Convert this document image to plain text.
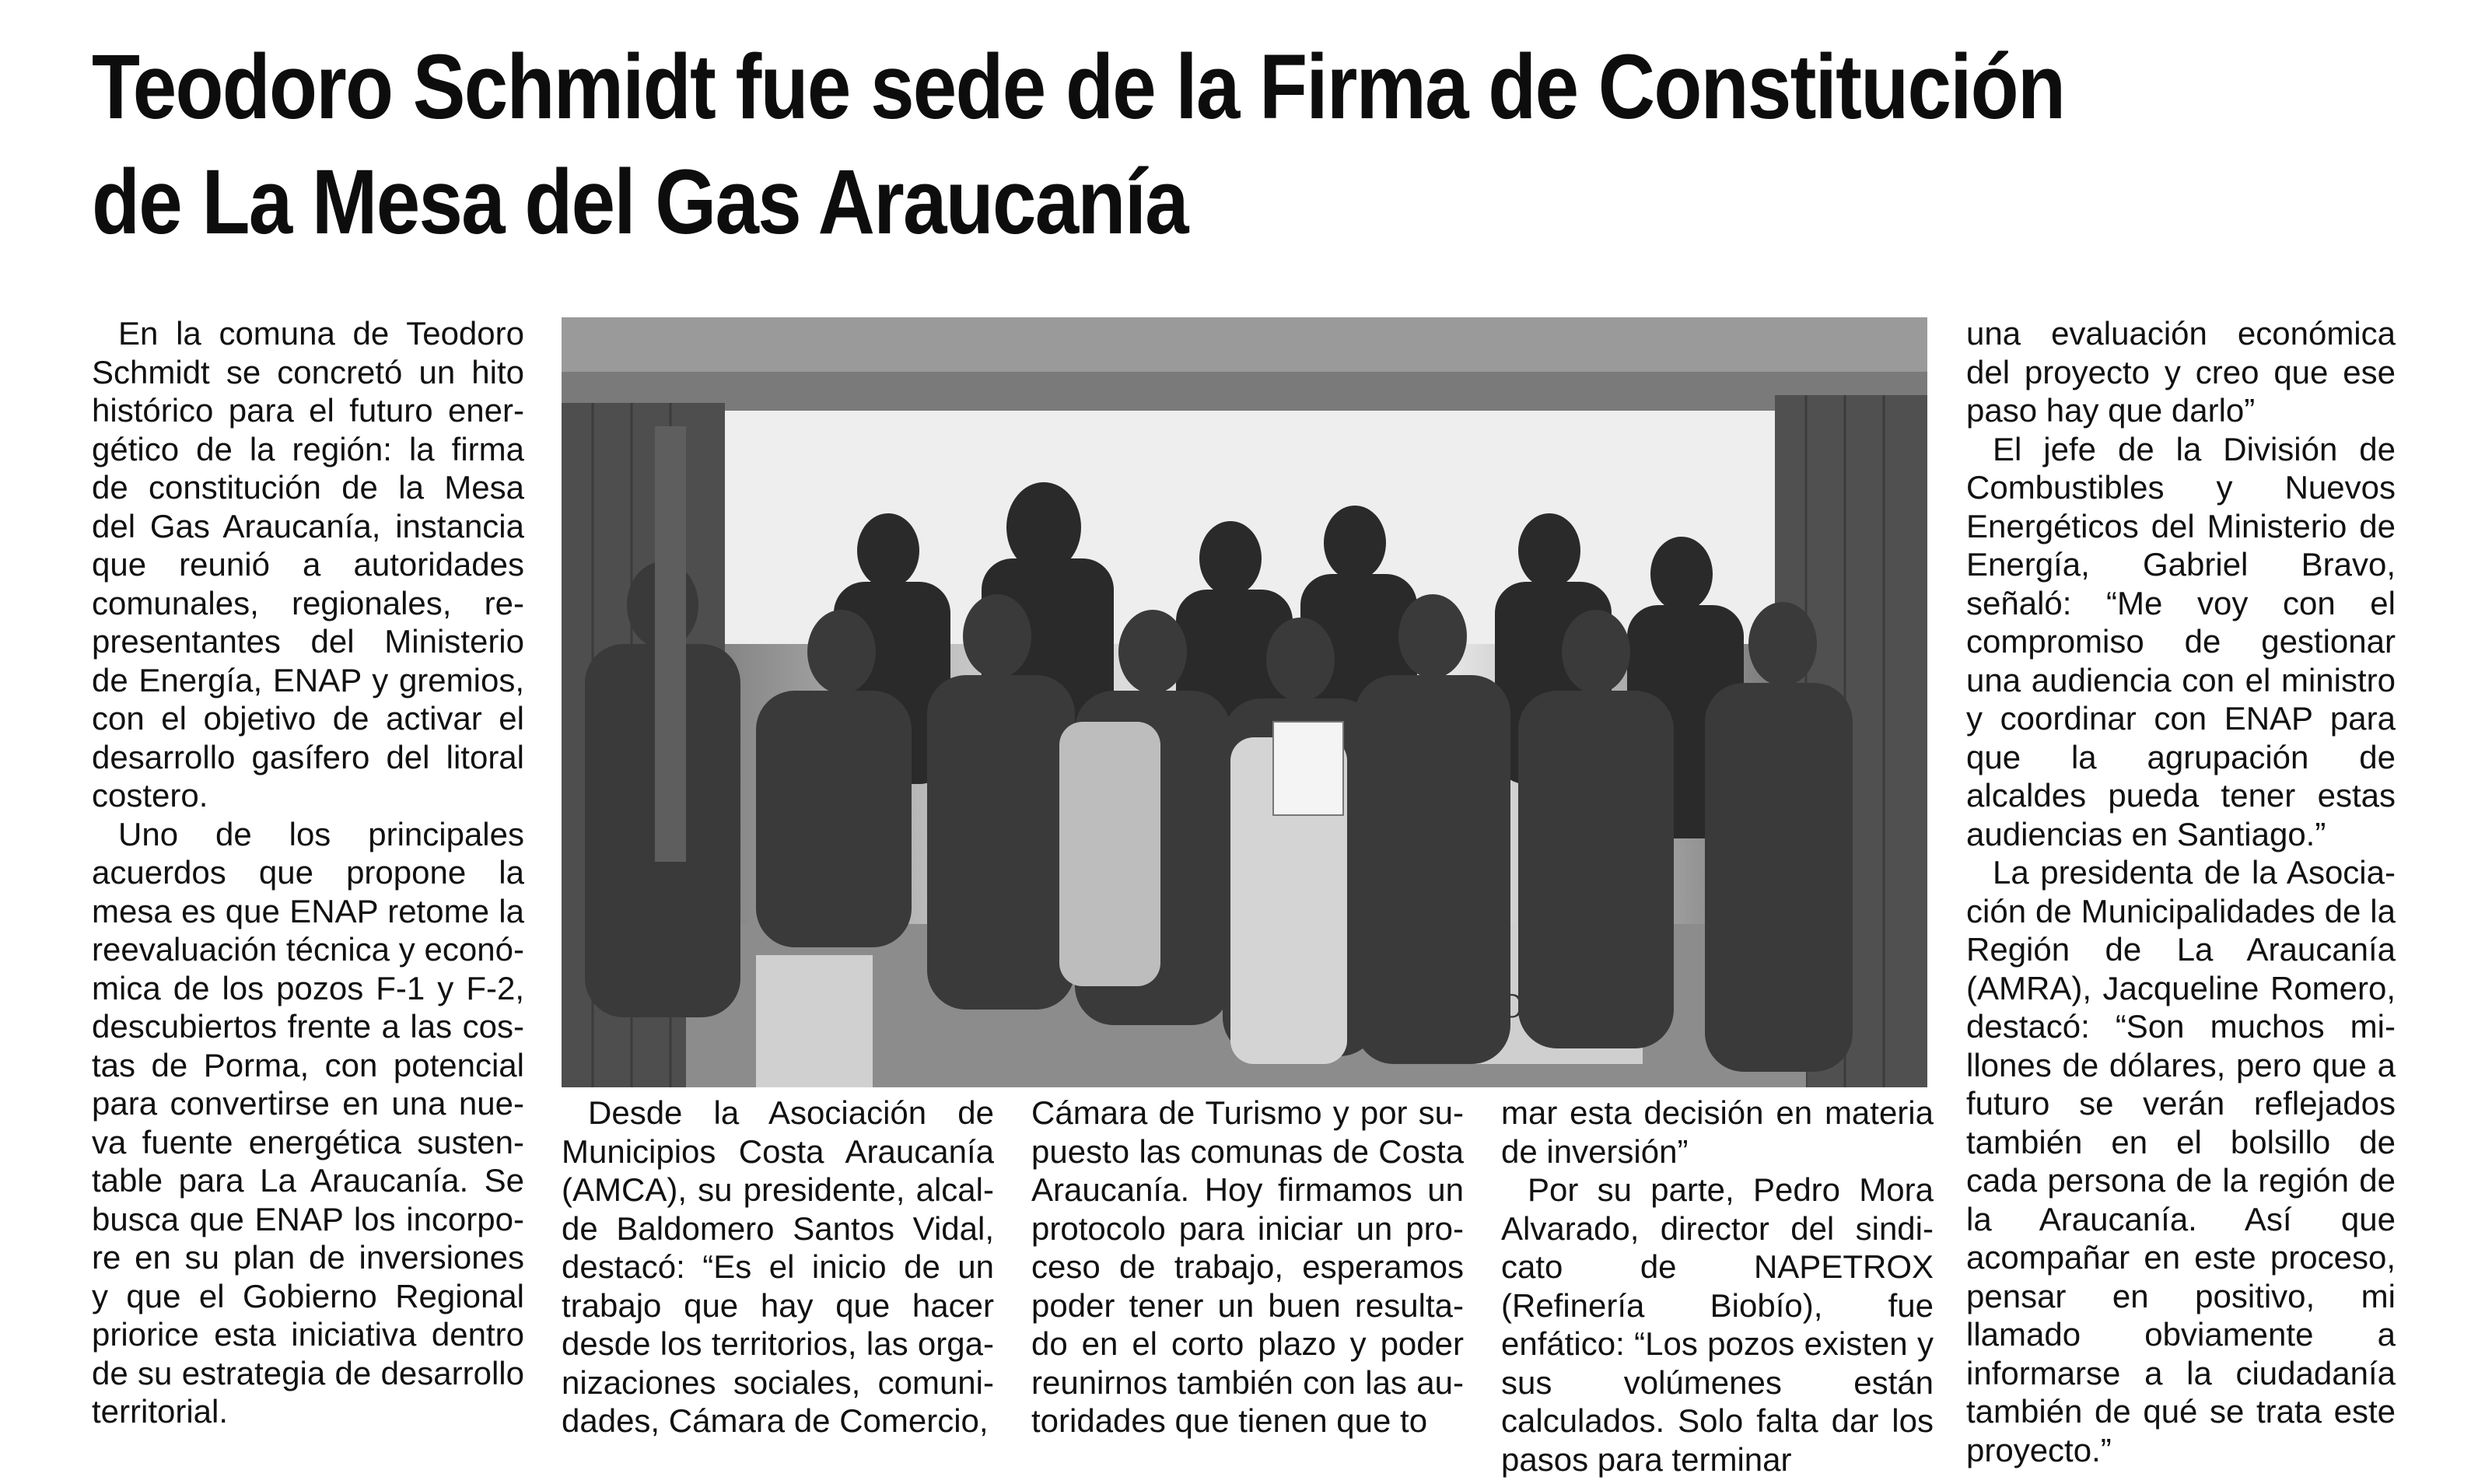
Teodoro Schmidt fue sede de la Firma de Constitución de La Mesa del Gas Araucanía

En la comuna de Teodoro Schmidt se concretó un hito histórico para el futuro energético de la región: la firma de constitución de la Mesa del Gas Araucanía, instancia que reunió a autoridades comunales, regionales, representantes del Ministerio de Energía, ENAP y gremios, con el objetivo de activar el desarrollo gasífero del litoral costero.

Uno de los principales acuerdos que propone la mesa es que ENAP retome la reevaluación técnica y económica de los pozos F-1 y F-2, descubiertos frente a las costas de Porma, con potencial para convertirse en una nueva fuente energética sustentable para La Araucanía. Se busca que ENAP los incorpore en su plan de inversiones y que el Gobierno Regional priorice esta iniciativa dentro de su estrategia de desarrollo territorial.

Desde la Asociación de Municipios Costa Araucanía (AMCA), su presidente, alcalde Baldomero Santos Vidal, destacó: “Es el inicio de un trabajo que hay que hacer desde los territorios, las organizaciones sociales, comunidades, Cámara de Comercio,

Cámara de Turismo y por supuesto las comunas de Costa Araucanía. Hoy firmamos un protocolo para iniciar un proceso de trabajo, esperamos poder tener un buen resultado en el corto plazo y poder reunirnos también con las autoridades que tienen que to

mar esta decisión en materia de inversión”

Por su parte, Pedro Mora Alvarado, director del sindicato de NAPETROX (Refinería Biobío), fue enfático: “Los pozos existen y sus volúmenes están calculados. Solo falta dar los pasos para terminar

una evaluación económica del proyecto y creo que ese paso hay que darlo”

El jefe de la División de Combustibles y Nuevos Energéticos del Ministerio de Energía, Gabriel Bravo, señaló: “Me voy con el compromiso de gestionar una audiencia con el ministro y coordinar con ENAP para que la agrupación de alcaldes pueda tener estas audiencias en Santiago.”

La presidenta de la Asociación de Municipalidades de la Región de La Araucanía (AMRA), Jacqueline Romero, destacó: “Son muchos millones de dólares, pero que a futuro se verán reflejados también en el bolsillo de cada persona de la región de la Araucanía. Así que acompañar en este proceso, pensar en positivo, mi llamado obviamente a informarse a la ciudadanía también de qué se trata este proyecto.”
